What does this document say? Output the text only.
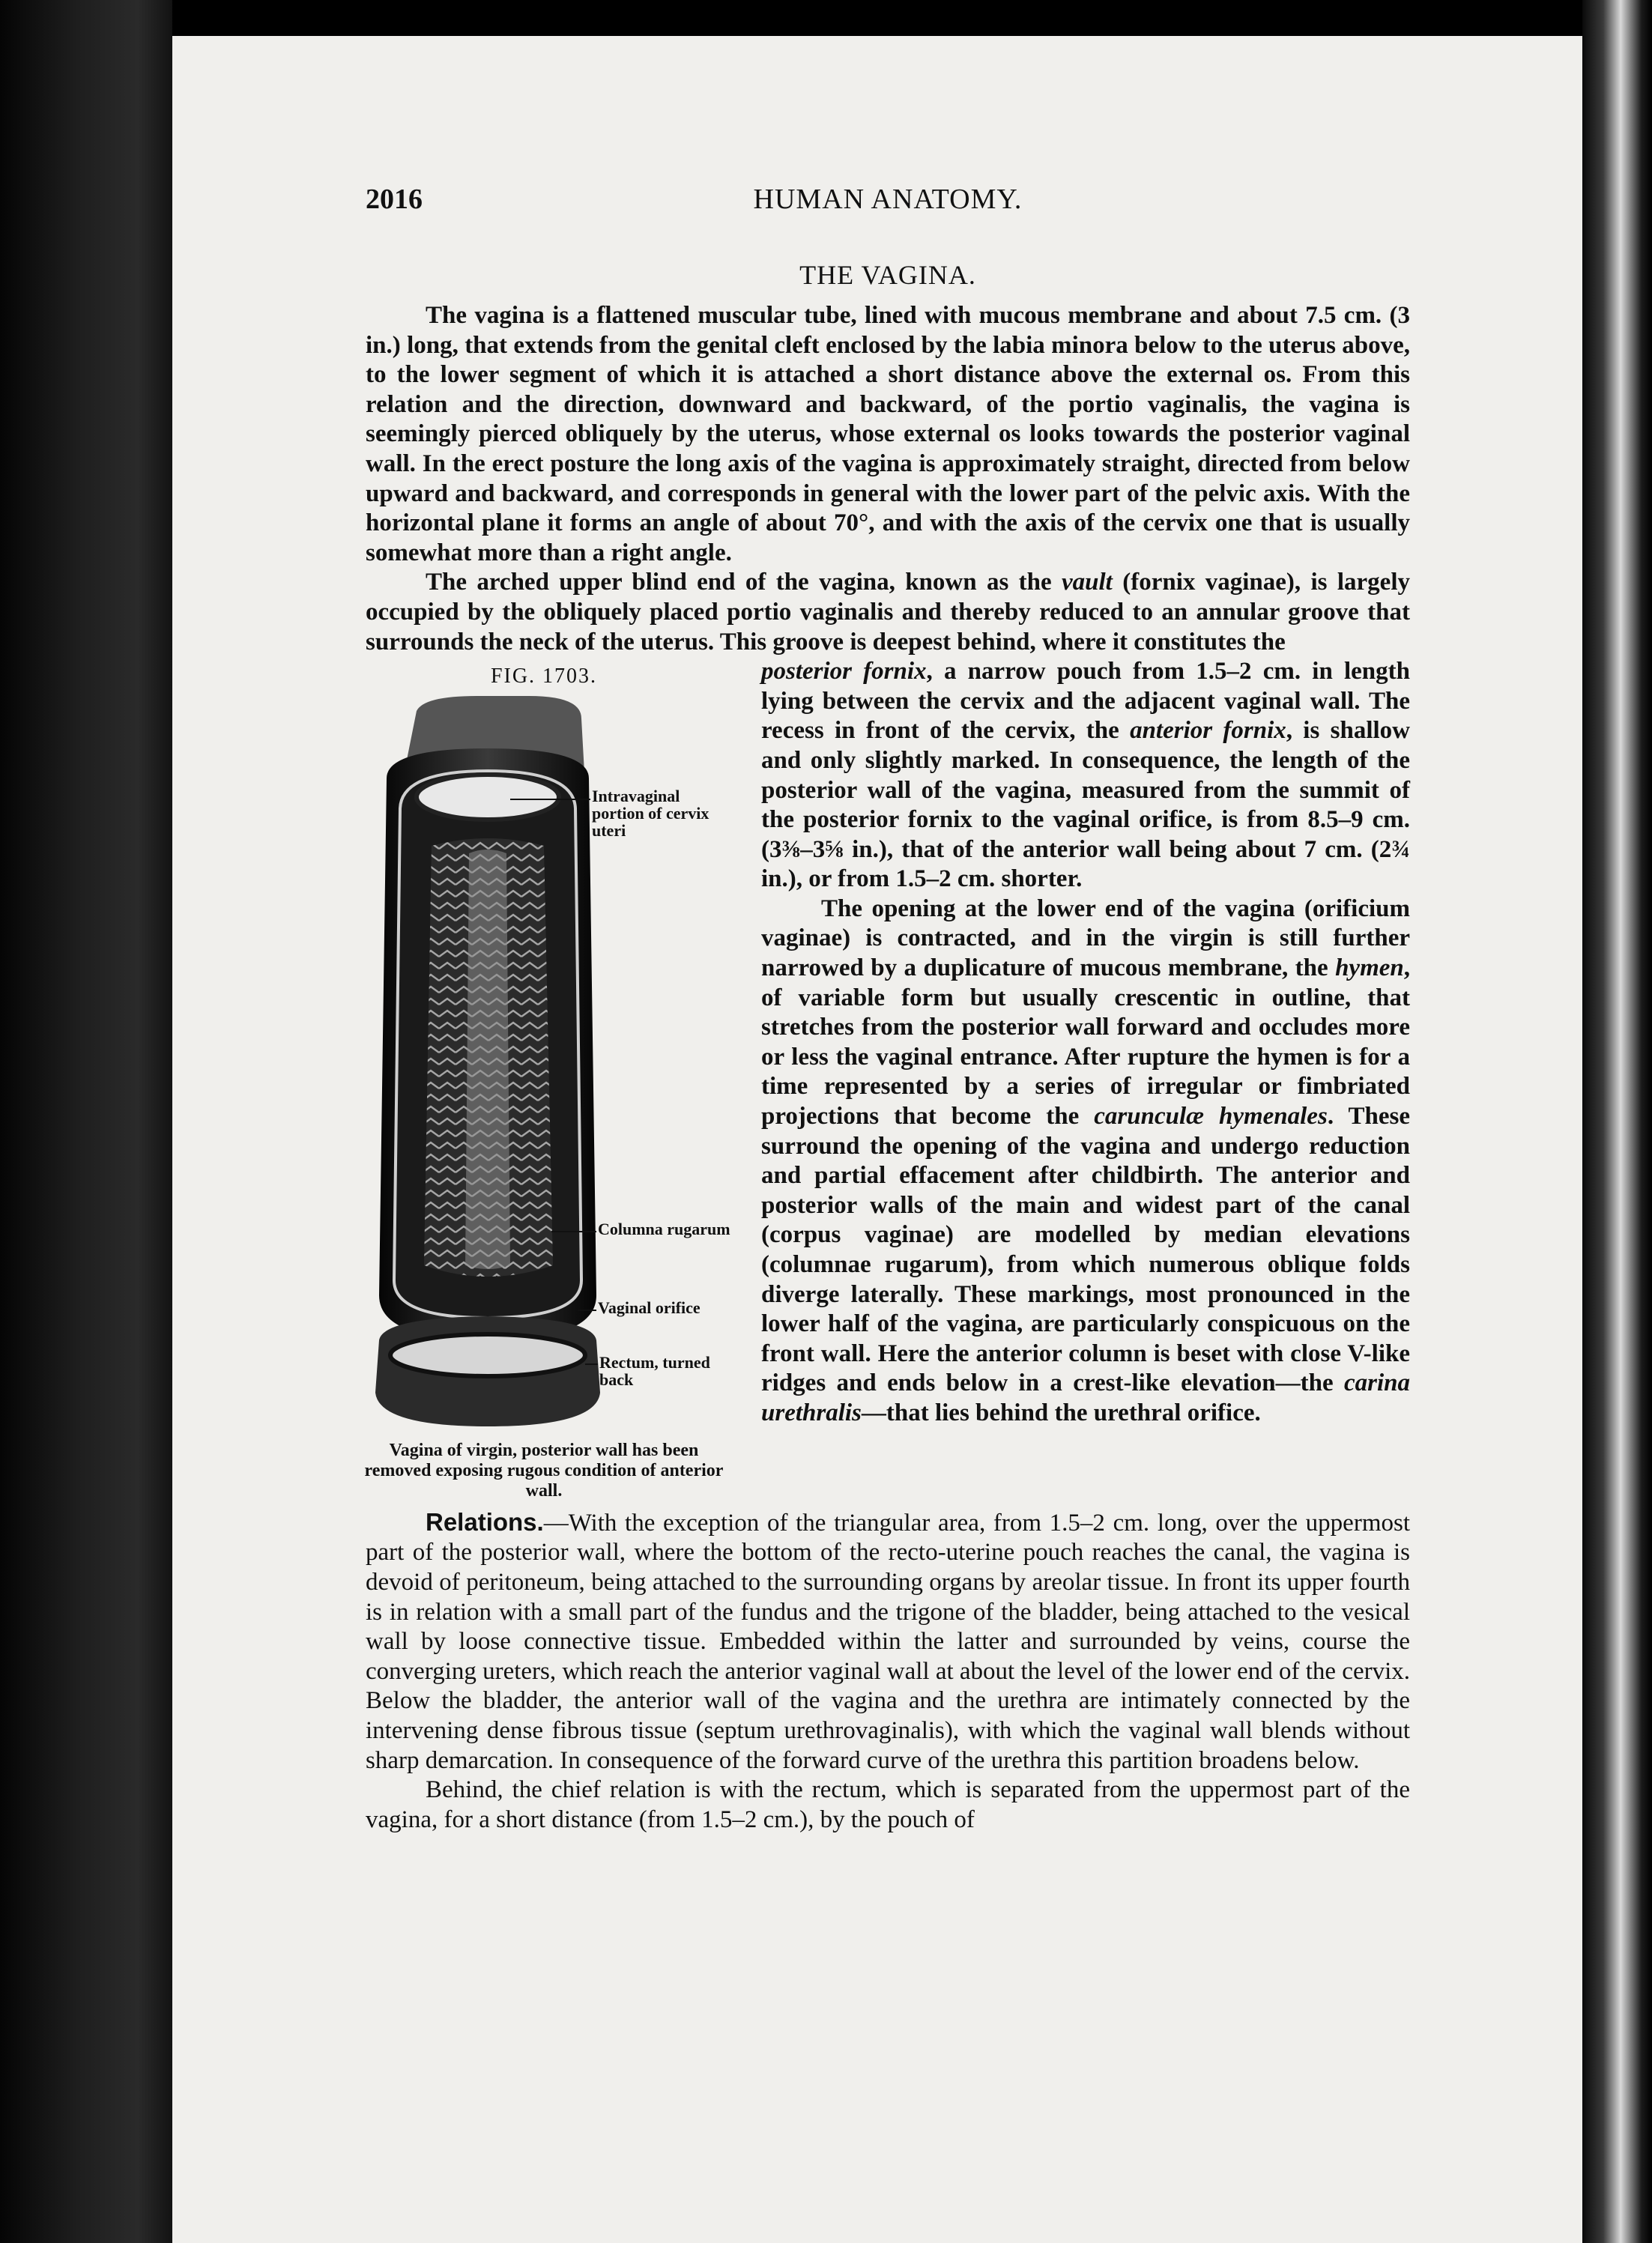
2016	HUMAN ANATOMY.
THE VAGINA.

The vagina is a flattened muscular tube, lined with mucous membrane and about 7.5 cm. (3 in.) long, that extends from the genital cleft enclosed by the labia minora below to the uterus above, to the lower segment of which it is attached a short distance above the external os. From this relation and the direction, downward and backward, of the portio vaginalis, the vagina is seemingly pierced obliquely by the uterus, whose external os looks towards the posterior vaginal wall. In the erect posture the long axis of the vagina is approximately straight, directed from below upward and backward, and corresponds in general with the lower part of the pelvic axis. With the horizontal plane it forms an angle of about 70°, and with the axis of the cervix one that is usually somewhat more than a right angle.

The arched upper blind end of the vagina, known as the vault (fornix vaginae), is largely occupied by the obliquely placed portio vaginalis and thereby reduced to an annular groove that surrounds the neck of the uterus. This groove is deepest behind, where it constitutes the

FIG. 1703.
Intravaginal portion of cervix uteri
Columna rugarum
Vaginal orifice
Rectum, turned back
Vagina of virgin, posterior wall has been removed exposing rugous condition of anterior wall.

posterior fornix, a narrow pouch from 1.5–2 cm. in length lying between the cervix and the adjacent vaginal wall. The recess in front of the cervix, the anterior fornix, is shallow and only slightly marked. In consequence, the length of the posterior wall of the vagina, measured from the summit of the posterior fornix to the vaginal orifice, is from 8.5–9 cm. (3⅜–3⅝ in.), that of the anterior wall being about 7 cm. (2¾ in.), or from 1.5–2 cm. shorter.

The opening at the lower end of the vagina (orificium vaginae) is contracted, and in the virgin is still further narrowed by a duplicature of mucous membrane, the hymen, of variable form but usually crescentic in outline, that stretches from the posterior wall forward and occludes more or less the vaginal entrance. After rupture the hymen is for a time represented by a series of irregular or fimbriated projections that become the carunculæ hymenales. These surround the opening of the vagina and undergo reduction and partial effacement after childbirth. The anterior and posterior walls of the main and widest part of the canal (corpus vaginae) are modelled by median elevations (columnae rugarum), from which numerous oblique folds diverge laterally. These markings, most pronounced in the lower half of the vagina, are particularly conspicuous on the front wall. Here the anterior column is beset with close V-like ridges and ends below in a crest-like elevation—the carina urethralis—that lies behind the urethral orifice.

Relations.—With the exception of the triangular area, from 1.5–2 cm. long, over the uppermost part of the posterior wall, where the bottom of the recto-uterine pouch reaches the canal, the vagina is devoid of peritoneum, being attached to the surrounding organs by areolar tissue. In front its upper fourth is in relation with a small part of the fundus and the trigone of the bladder, being attached to the vesical wall by loose connective tissue. Embedded within the latter and surrounded by veins, course the converging ureters, which reach the anterior vaginal wall at about the level of the lower end of the cervix. Below the bladder, the anterior wall of the vagina and the urethra are intimately connected by the intervening dense fibrous tissue (septum urethrovaginalis), with which the vaginal wall blends without sharp demarcation. In consequence of the forward curve of the urethra this partition broadens below.

Behind, the chief relation is with the rectum, which is separated from the uppermost part of the vagina, for a short distance (from 1.5–2 cm.), by the pouch of
